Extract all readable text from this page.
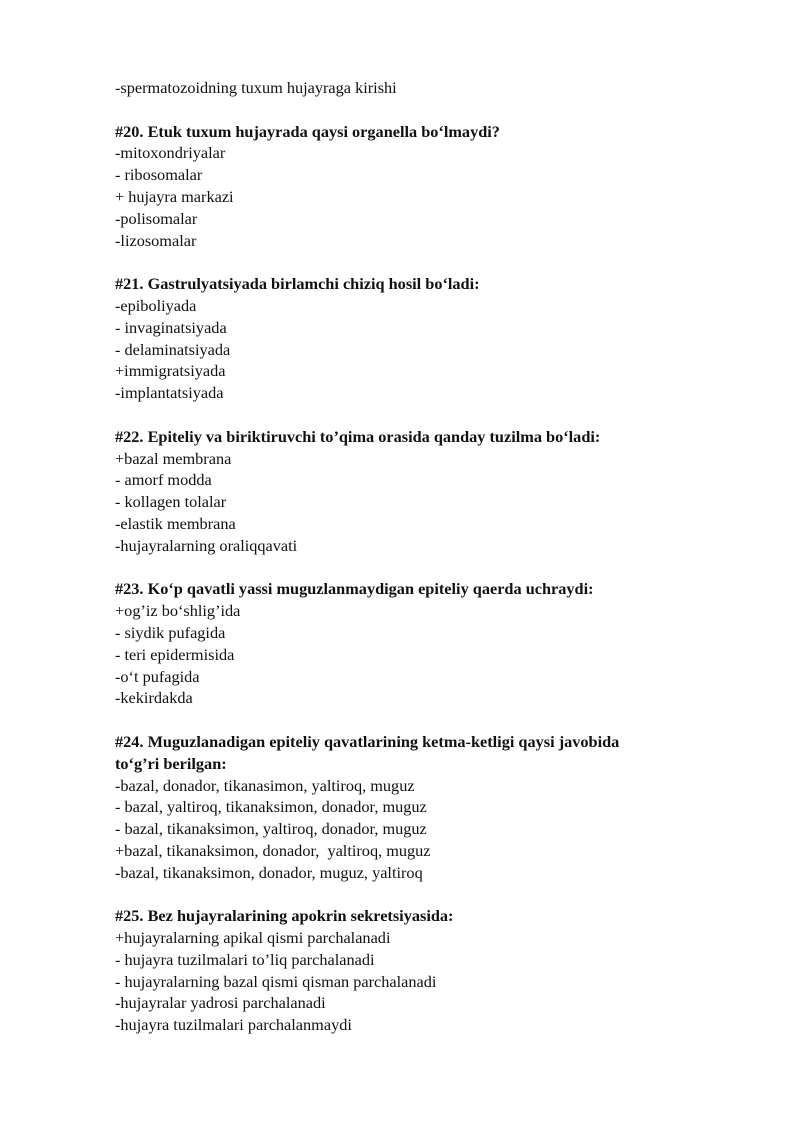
-spermatozoidning tuxum hujayraga kirishi
#20. Etuk tuxum hujayrada qaysi organella bo‘lmaydi?
-mitoxondriyalar
- ribosomalar
+ hujayra markazi
-polisomalar
-lizosomalar
#21. Gastrulyatsiyada birlamchi chiziq hosil bo‘ladi:
-epiboliyada
- invaginatsiyada
- delaminatsiyada
+immigratsiyada
-implantatsiyada
#22. Epiteliy va biriktiruvchi to’qima orasida qanday tuzilma bo‘ladi:
+bazal membrana
- amorf modda
- kollagen tolalar
-elastik membrana
-hujayralarning oraliqqavati
#23. Ko‘p qavatli yassi muguzlanmaydigan epiteliy qaerda uchraydi:
+og’iz bo‘shlig’ida
- siydik pufagida
- teri epidermisida
-o‘t pufagida
-kekirdakda
#24. Muguzlanadigan epiteliy qavatlarining ketma-ketligi qaysi javobida
to‘g’ri berilgan:
-bazal, donador, tikanasimon, yaltiroq, muguz
- bazal, yaltiroq, tikanaksimon, donador, muguz
- bazal, tikanaksimon, yaltiroq, donador, muguz
+bazal, tikanaksimon, donador,  yaltiroq, muguz
-bazal, tikanaksimon, donador, muguz, yaltiroq
#25. Bez hujayralarining apokrin sekretsiyasida:
+hujayralarning apikal qismi parchalanadi
- hujayra tuzilmalari to’liq parchalanadi
- hujayralarning bazal qismi qisman parchalanadi
-hujayralar yadrosi parchalanadi
-hujayra tuzilmalari parchalanmaydi
